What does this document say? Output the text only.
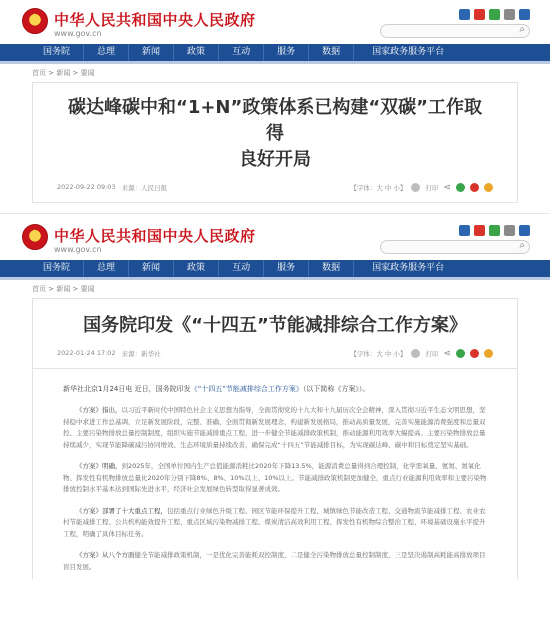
★
中华人民共和国中央人民政府
www.gov.cn	⌕
国务院	总理	新闻	政策	互动	服务	数据	国家政务服务平台
首页 > 新闻 > 要闻
碳达峰碳中和“1+N”政策体系已构建“双碳”工作取得
良好开局
2022-09-22 09:03 来源：人民日报	【字体：大 中 小】	打印 ⋖
★
中华人民共和国中央人民政府
www.gov.cn	⌕
国务院	总理	新闻	政策	互动	服务	数据	国家政务服务平台
首页 > 新闻 > 要闻
国务院印发《“十四五”节能减排综合工作方案》
2022-01-24 17:02 来源：新华社	【字体：大 中 小】	打印 ⋖
新华社北京1月24日电 近日，国务院印发《“十四五”节能减排综合工作方案》（以下简称《方案》）。
《方案》指出，以习近平新时代中国特色社会主义思想为指导，全面贯彻党的十九大和十九届历次全会精神，深入贯彻习近平生态文明思想，坚持稳中求进工作总基调，立足新发展阶段，完整、准确、全面贯彻新发展理念，构建新发展格局，推动高质量发展，完善实施能源消费强度和总量双控、主要污染物排放总量控制制度，组织实施节能减排重点工程，进一步健全节能减排政策机制，推动能源利用效率大幅提高、主要污染物排放总量持续减少，实现节能降碳减污协同增效、生态环境质量持续改善，确保完成“十四五”节能减排目标，为实现碳达峰、碳中和目标奠定坚实基础。
《方案》明确，到2025年，全国单位国内生产总值能源消耗比2020年下降13.5%，能源消费总量得到合理控制，化学需氧量、氨氮、氮氧化物、挥发性有机物排放总量比2020年分别下降8%、8%、10%以上、10%以上。节能减排政策机制更加健全，重点行业能源利用效率和主要污染物排放控制水平基本达到国际先进水平，经济社会发展绿色转型取得显著成效。
《方案》部署了十大重点工程，包括重点行业绿色升级工程、园区节能环保提升工程、城镇绿色节能改造工程、交通物流节能减排工程、农业农村节能减排工程、公共机构能效提升工程、重点区域污染物减排工程、煤炭清洁高效利用工程、挥发性有机物综合整治工程、环境基础设施水平提升工程，明确了具体目标任务。
《方案》从八个方面健全节能减排政策机制，一是优化完善能耗双控制度，二是健全污染物排放总量控制制度，三是坚决遏制高耗能高排放项目盲目发展。
